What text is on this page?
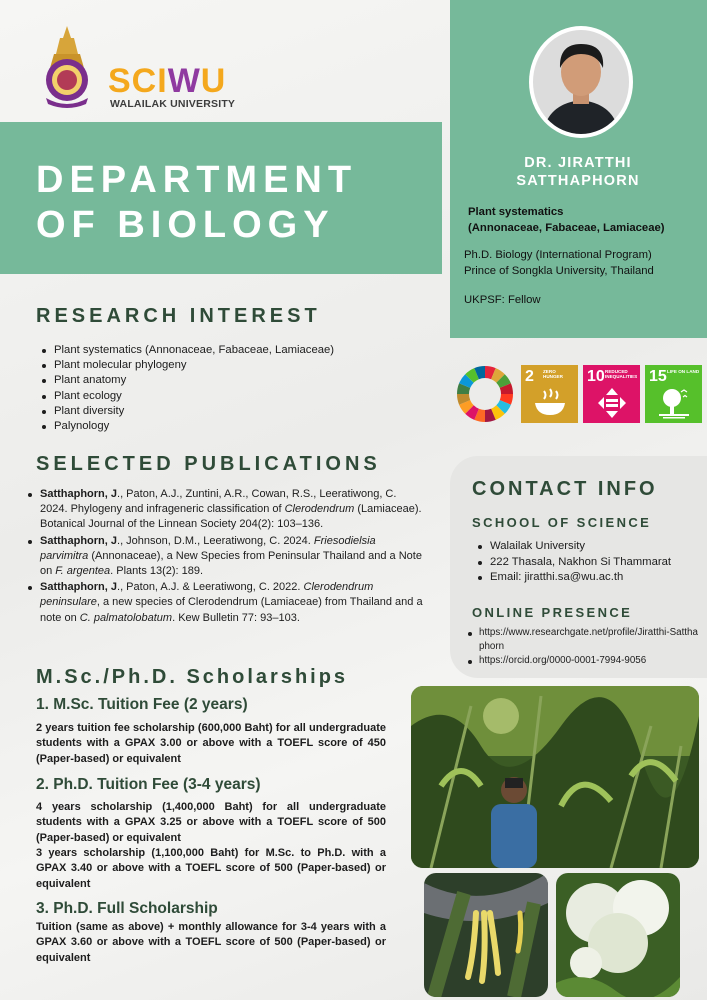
SCIWU
WALAILAK UNIVERSITY
DEPARTMENT
OF BIOLOGY
DR. JIRATTHI
SATTHAPHORN
Plant systematics
(Annonaceae, Fabaceae, Lamiaceae)
Ph.D. Biology (International Program)
Prince of Songkla University, Thailand
UKPSF: Fellow
RESEARCH INTEREST
Plant systematics (Annonaceae, Fabaceae, Lamiaceae)
Plant molecular phylogeny
Plant anatomy
Plant ecology
Plant diversity
Palynology
SELECTED PUBLICATIONS
Satthaphorn, J., Paton, A.J., Zuntini, A.R., Cowan, R.S., Leeratiwong, C. 2024. Phylogeny and infrageneric classification of Clerodendrum (Lamiaceae). Botanical Journal of the Linnean Society 204(2): 103–136.
Satthaphorn, J., Johnson, D.M., Leeratiwong, C. 2024. Friesodielsia parvimitra (Annonaceae), a New Species from Peninsular Thailand and a Note on F. argentea. Plants 13(2): 189.
Satthaphorn, J., Paton, A.J. & Leeratiwong, C. 2022. Clerodendrum peninsulare, a new species of Clerodendrum (Lamiaceae) from Thailand and a note on C. palmatolobatum. Kew Bulletin 77: 93–103.
M.Sc./Ph.D. Scholarships
1. M.Sc. Tuition Fee (2 years)
2 years tuition fee scholarship (600,000 Baht) for all undergraduate students with a GPAX 3.00 or above with a TOEFL score of 450 (Paper-based) or equivalent
2. Ph.D. Tuition Fee (3-4 years)
4 years scholarship (1,400,000 Baht) for all undergraduate students with a GPAX 3.25 or above with a TOEFL score of 500 (Paper-based) or equivalent
3 years scholarship (1,100,000 Baht) for M.Sc. to Ph.D. with a GPAX 3.40 or above with a TOEFL score of 500 (Paper-based) or equivalent
3. Ph.D. Full Scholarship
Tuition (same as above) + monthly allowance for 3-4 years with a GPAX 3.60 or above with a TOEFL score of 500 (Paper-based) or equivalent
2 ZERO HUNGER	10 REDUCED INEQUALITIES 15 LIFE ON LAND
CONTACT INFO
SCHOOL OF SCIENCE
Walailak University
222 Thasala, Nakhon Si Thammarat
Email: jiratthi.sa@wu.ac.th
ONLINE PRESENCE
https://www.researchgate.net/profile/Jiratthi-Satthaphorn
https://orcid.org/0000-0001-7994-9056
